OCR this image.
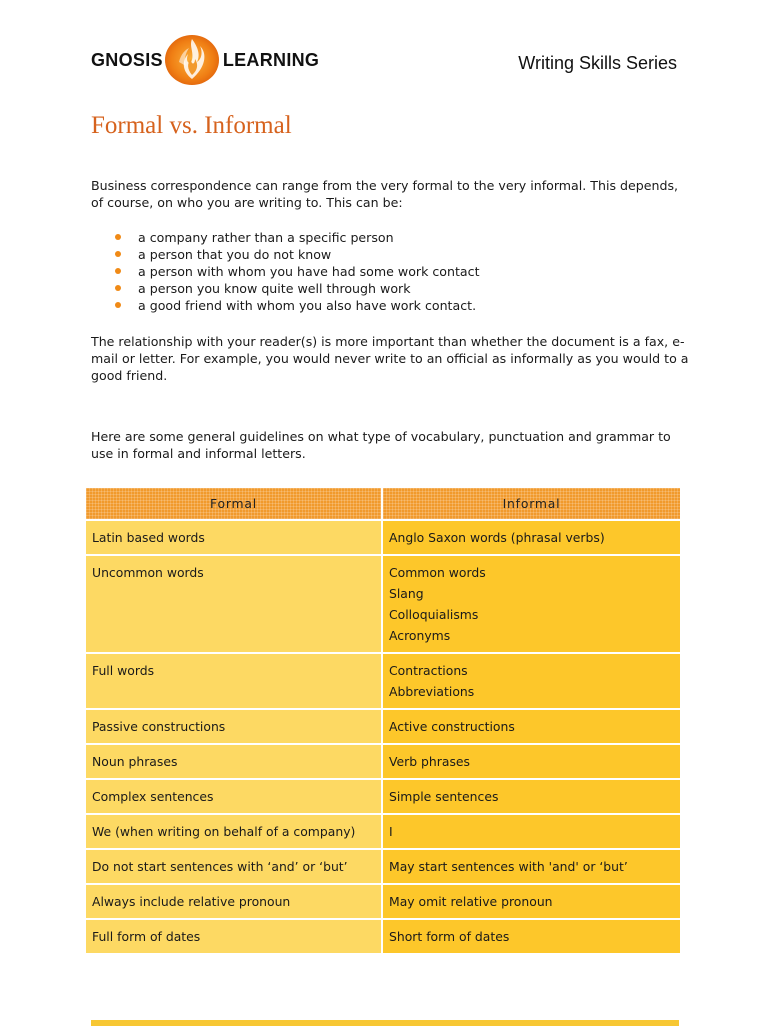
GNOSIS	LEARNING	Writing Skills Series
Formal vs. Informal

Business correspondence can range from the very formal to the very informal. This depends, of course, on who you are writing to. This can be:

a company rather than a specific person
a person that you do not know
a person with whom you have had some work contact
a person you know quite well through work
a good friend with whom you also have work contact.

The relationship with your reader(s) is more important than whether the document is a fax, e-mail or letter. For example, you would never write to an official as informally as you would to a good friend.

Here are some general guidelines on what type of vocabulary, punctuation and grammar to use in formal and informal letters.

Formal	Informal
Latin based words	Anglo Saxon words (phrasal verbs)
Uncommon words	Common words
Slang
Colloquialisms
Acronyms

Full words	Contractions
Abbreviations

Passive constructions	Active constructions
Noun phrases	Verb phrases
Complex sentences	Simple sentences
We (when writing on behalf of a company)	I
Do not start sentences with ‘and’ or ‘but’	May start sentences with 'and' or ‘but’
Always include relative pronoun	May omit relative pronoun
Full form of dates	Short form of dates
